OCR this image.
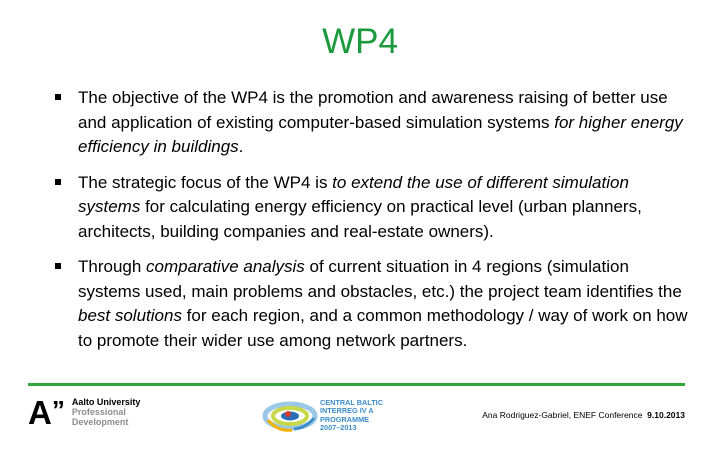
WP4
The objective of the WP4 is the promotion and awareness raising of better use and application of existing computer-based simulation systems for higher energy efficiency in buildings.
The strategic focus of the WP4 is to extend the use of different simulation systems for calculating energy efficiency on practical level (urban planners, architects, building companies and real-estate owners).
Through comparative analysis of current situation in 4 regions (simulation systems used, main problems and obstacles, etc.) the project team identifies the best solutions for each region, and a common methodology / way of work on how to promote their wider use among network partners.
A” Aalto University
Professional
Development
CENTRAL BALTIC
INTERREG IV A
PROGRAMME
2007–2013
Ana Rodriguez-Gabriel, ENEF Conference 9.10.2013
